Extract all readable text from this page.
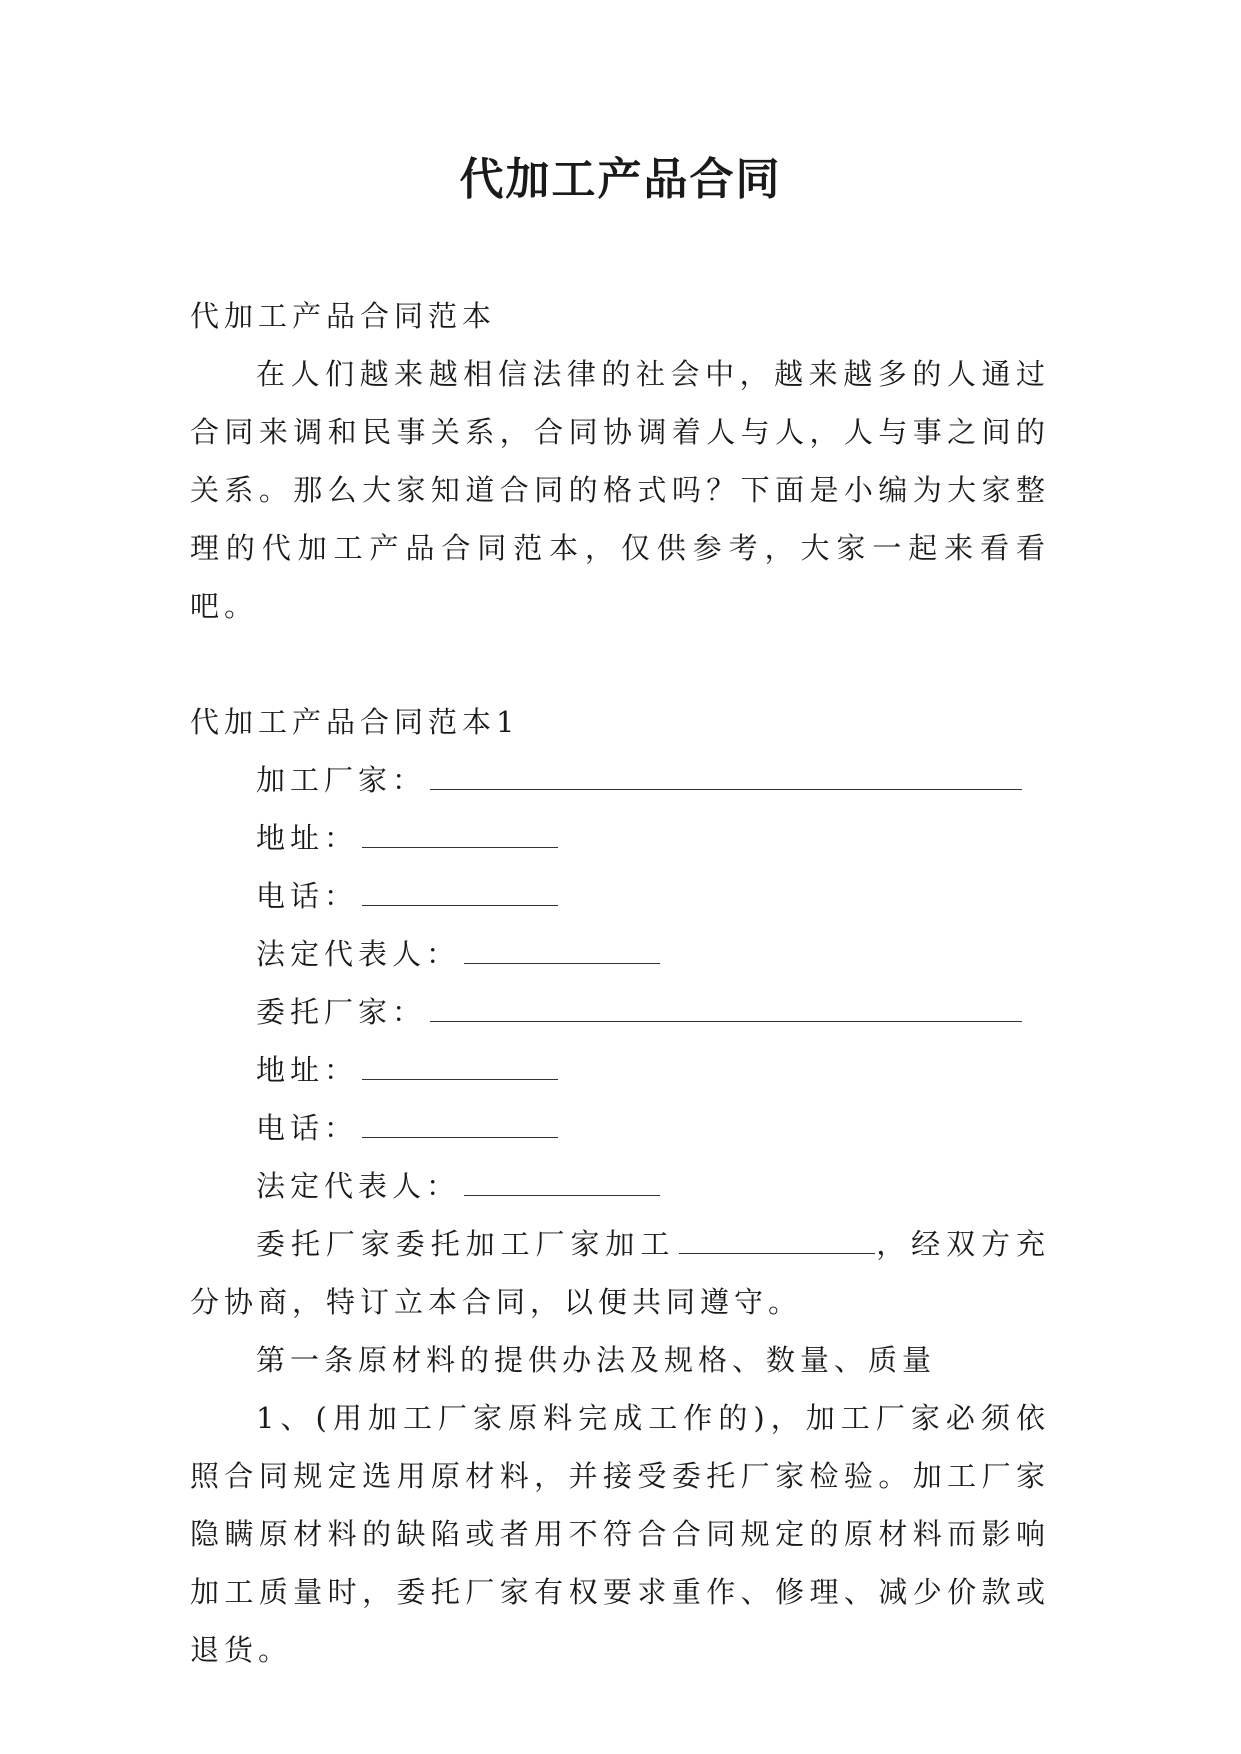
代加工产品合同

代加工产品合同范本

在人们越来越相信法律的社会中，越来越多的人通过合同来调和民事关系，合同协调着人与人，人与事之间的关系。那么大家知道合同的格式吗？下面是小编为大家整理的代加工产品合同范本，仅供参考，大家一起来看看吧。

代加工产品合同范本1

加工厂家：

地址：

电话：

法定代表人：

委托厂家：

地址：

电话：

法定代表人：

委托厂家委托加工厂家加工	，经双方充分协商，特订立本合同，以便共同遵守。

第一条原材料的提供办法及规格、数量、质量

1、(用加工厂家原料完成工作的)，加工厂家必须依照合同规定选用原材料，并接受委托厂家检验。加工厂家隐瞒原材料的缺陷或者用不符合合同规定的原材料而影响加工质量时，委托厂家有权要求重作、修理、减少价款或退货。
